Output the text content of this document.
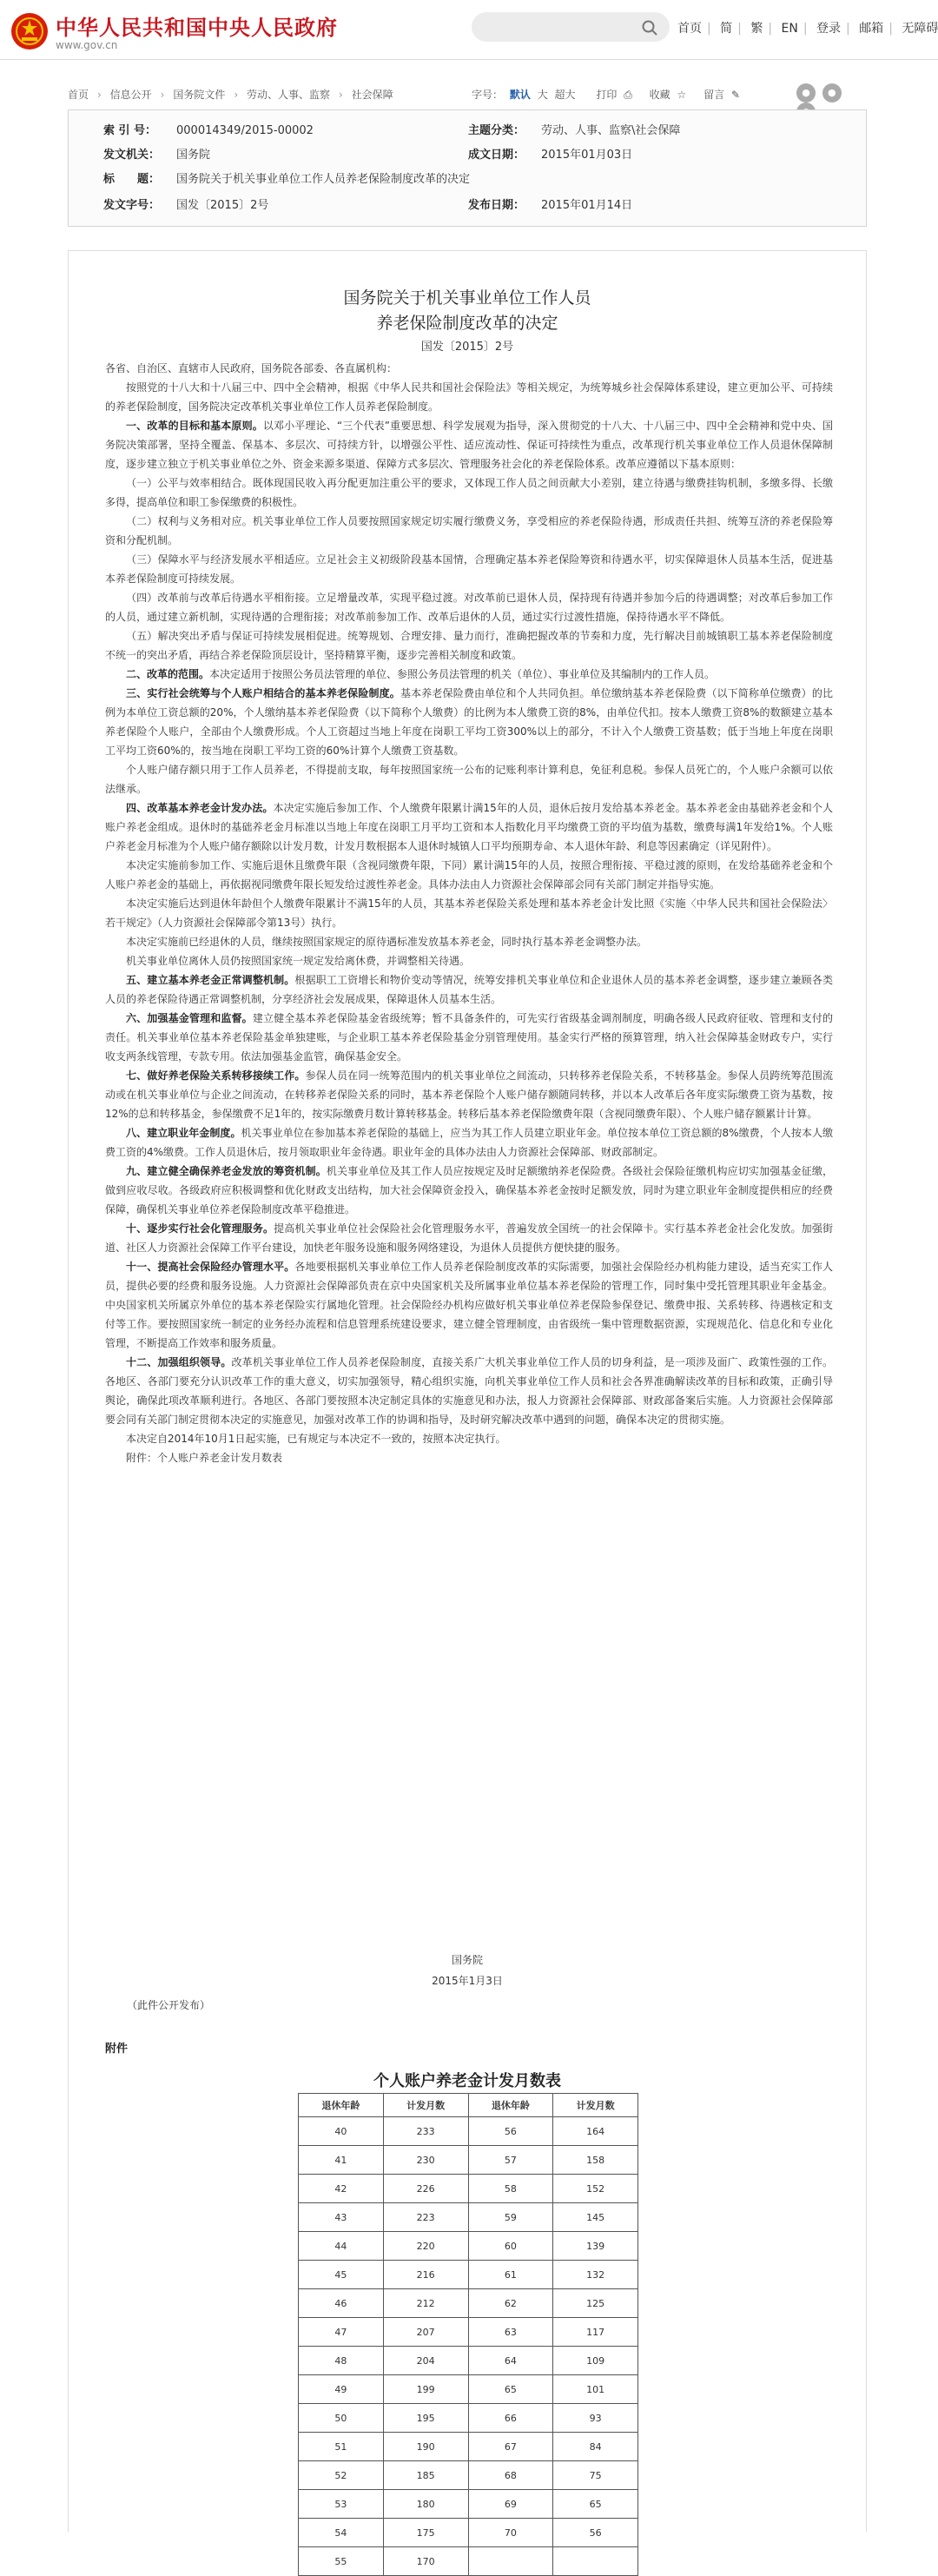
中华人民共和国中央人民政府
www.gov.cn
首页 | 简 | 繁 | EN | 登录 | 邮箱 | 无障碍
首页 › 信息公开 › 国务院文件 › 劳动、人事、监察 › 社会保障	字号： 默认 大 超大 打印 ⎙ 收藏 ☆ 留言 ✎	● ●
索 引 号： 000014349/2015-00002	主题分类： 劳动、人事、监察\社会保障
发文机关： 国务院	成文日期： 2015年01月03日
标　　题： 国务院关于机关事业单位工作人员养老保险制度改革的决定
发文字号： 国发〔2015〕2号	发布日期： 2015年01月14日
国务院关于机关事业单位工作人员
养老保险制度改革的决定
国发〔2015〕2号

各省、自治区、直辖市人民政府，国务院各部委、各直属机构：

按照党的十八大和十八届三中、四中全会精神，根据《中华人民共和国社会保险法》等相关规定，为统筹城乡社会保障体系建设，建立更加公平、可持续的养老保险制度，国务院决定改革机关事业单位工作人员养老保险制度。

一、改革的目标和基本原则。以邓小平理论、“三个代表”重要思想、科学发展观为指导，深入贯彻党的十八大、十八届三中、四中全会精神和党中央、国务院决策部署，坚持全覆盖、保基本、多层次、可持续方针，以增强公平性、适应流动性、保证可持续性为重点，改革现行机关事业单位工作人员退休保障制度，逐步建立独立于机关事业单位之外、资金来源多渠道、保障方式多层次、管理服务社会化的养老保险体系。改革应遵循以下基本原则：

（一）公平与效率相结合。既体现国民收入再分配更加注重公平的要求，又体现工作人员之间贡献大小差别，建立待遇与缴费挂钩机制，多缴多得、长缴多得，提高单位和职工参保缴费的积极性。

（二）权利与义务相对应。机关事业单位工作人员要按照国家规定切实履行缴费义务，享受相应的养老保险待遇，形成责任共担、统筹互济的养老保险筹资和分配机制。

（三）保障水平与经济发展水平相适应。立足社会主义初级阶段基本国情，合理确定基本养老保险筹资和待遇水平，切实保障退休人员基本生活，促进基本养老保险制度可持续发展。

（四）改革前与改革后待遇水平相衔接。立足增量改革，实现平稳过渡。对改革前已退休人员，保持现有待遇并参加今后的待遇调整；对改革后参加工作的人员，通过建立新机制，实现待遇的合理衔接；对改革前参加工作、改革后退休的人员，通过实行过渡性措施，保持待遇水平不降低。

（五）解决突出矛盾与保证可持续发展相促进。统筹规划、合理安排、量力而行，准确把握改革的节奏和力度，先行解决目前城镇职工基本养老保险制度不统一的突出矛盾，再结合养老保险顶层设计，坚持精算平衡，逐步完善相关制度和政策。

二、改革的范围。本决定适用于按照公务员法管理的单位、参照公务员法管理的机关（单位）、事业单位及其编制内的工作人员。

三、实行社会统筹与个人账户相结合的基本养老保险制度。基本养老保险费由单位和个人共同负担。单位缴纳基本养老保险费（以下简称单位缴费）的比例为本单位工资总额的20%，个人缴纳基本养老保险费（以下简称个人缴费）的比例为本人缴费工资的8%，由单位代扣。按本人缴费工资8%的数额建立基本养老保险个人账户，全部由个人缴费形成。个人工资超过当地上年度在岗职工平均工资300%以上的部分，不计入个人缴费工资基数；低于当地上年度在岗职工平均工资60%的，按当地在岗职工平均工资的60%计算个人缴费工资基数。

个人账户储存额只用于工作人员养老，不得提前支取，每年按照国家统一公布的记账利率计算利息，免征利息税。参保人员死亡的，个人账户余额可以依法继承。

四、改革基本养老金计发办法。本决定实施后参加工作、个人缴费年限累计满15年的人员，退休后按月发给基本养老金。基本养老金由基础养老金和个人账户养老金组成。退休时的基础养老金月标准以当地上年度在岗职工月平均工资和本人指数化月平均缴费工资的平均值为基数，缴费每满1年发给1%。个人账户养老金月标准为个人账户储存额除以计发月数，计发月数根据本人退休时城镇人口平均预期寿命、本人退休年龄、利息等因素确定（详见附件）。

本决定实施前参加工作、实施后退休且缴费年限（含视同缴费年限，下同）累计满15年的人员，按照合理衔接、平稳过渡的原则，在发给基础养老金和个人账户养老金的基础上，再依据视同缴费年限长短发给过渡性养老金。具体办法由人力资源社会保障部会同有关部门制定并指导实施。

本决定实施后达到退休年龄但个人缴费年限累计不满15年的人员，其基本养老保险关系处理和基本养老金计发比照《实施〈中华人民共和国社会保险法〉若干规定》（人力资源社会保障部令第13号）执行。

本决定实施前已经退休的人员，继续按照国家规定的原待遇标准发放基本养老金，同时执行基本养老金调整办法。

机关事业单位离休人员仍按照国家统一规定发给离休费，并调整相关待遇。

五、建立基本养老金正常调整机制。根据职工工资增长和物价变动等情况，统筹安排机关事业单位和企业退休人员的基本养老金调整，逐步建立兼顾各类人员的养老保险待遇正常调整机制，分享经济社会发展成果，保障退休人员基本生活。

六、加强基金管理和监督。建立健全基本养老保险基金省级统筹；暂不具备条件的，可先实行省级基金调剂制度，明确各级人民政府征收、管理和支付的责任。机关事业单位基本养老保险基金单独建账，与企业职工基本养老保险基金分别管理使用。基金实行严格的预算管理，纳入社会保障基金财政专户，实行收支两条线管理，专款专用。依法加强基金监管，确保基金安全。

七、做好养老保险关系转移接续工作。参保人员在同一统筹范围内的机关事业单位之间流动，只转移养老保险关系，不转移基金。参保人员跨统筹范围流动或在机关事业单位与企业之间流动，在转移养老保险关系的同时，基本养老保险个人账户储存额随同转移，并以本人改革后各年度实际缴费工资为基数，按12%的总和转移基金，参保缴费不足1年的，按实际缴费月数计算转移基金。转移后基本养老保险缴费年限（含视同缴费年限）、个人账户储存额累计计算。

八、建立职业年金制度。机关事业单位在参加基本养老保险的基础上，应当为其工作人员建立职业年金。单位按本单位工资总额的8%缴费，个人按本人缴费工资的4%缴费。工作人员退休后，按月领取职业年金待遇。职业年金的具体办法由人力资源社会保障部、财政部制定。

九、建立健全确保养老金发放的筹资机制。机关事业单位及其工作人员应按规定及时足额缴纳养老保险费。各级社会保险征缴机构应切实加强基金征缴，做到应收尽收。各级政府应积极调整和优化财政支出结构，加大社会保障资金投入，确保基本养老金按时足额发放，同时为建立职业年金制度提供相应的经费保障，确保机关事业单位养老保险制度改革平稳推进。

十、逐步实行社会化管理服务。提高机关事业单位社会保险社会化管理服务水平，普遍发放全国统一的社会保障卡。实行基本养老金社会化发放。加强街道、社区人力资源社会保障工作平台建设，加快老年服务设施和服务网络建设，为退休人员提供方便快捷的服务。

十一、提高社会保险经办管理水平。各地要根据机关事业单位工作人员养老保险制度改革的实际需要，加强社会保险经办机构能力建设，适当充实工作人员，提供必要的经费和服务设施。人力资源社会保障部负责在京中央国家机关及所属事业单位基本养老保险的管理工作，同时集中受托管理其职业年金基金。中央国家机关所属京外单位的基本养老保险实行属地化管理。社会保险经办机构应做好机关事业单位养老保险参保登记、缴费申报、关系转移、待遇核定和支付等工作。要按照国家统一制定的业务经办流程和信息管理系统建设要求，建立健全管理制度，由省级统一集中管理数据资源，实现规范化、信息化和专业化管理，不断提高工作效率和服务质量。

十二、加强组织领导。改革机关事业单位工作人员养老保险制度，直接关系广大机关事业单位工作人员的切身利益，是一项涉及面广、政策性强的工作。各地区、各部门要充分认识改革工作的重大意义，切实加强领导，精心组织实施，向机关事业单位工作人员和社会各界准确解读改革的目标和政策，正确引导舆论，确保此项改革顺利进行。各地区、各部门要按照本决定制定具体的实施意见和办法，报人力资源社会保障部、财政部备案后实施。人力资源社会保障部要会同有关部门制定贯彻本决定的实施意见，加强对改革工作的协调和指导，及时研究解决改革中遇到的问题，确保本决定的贯彻实施。

本决定自2014年10月1日起实施，已有规定与本决定不一致的，按照本决定执行。

附件：个人账户养老金计发月数表

国务院
2015年1月3日
（此件公开发布）
附件
个人账户养老金计发月数表
退休年龄	计发月数	退休年龄	计发月数
40	233	56	164
41	230	57	158
42	226	58	152
43	223	59	145
44	220	60	139
45	216	61	132
46	212	62	125
47	207	63	117
48	204	64	109
49	199	65	101
50	195	66	93
51	190	67	84
52	185	68	75
53	180	69	65
54	175	70	56
55	170		
